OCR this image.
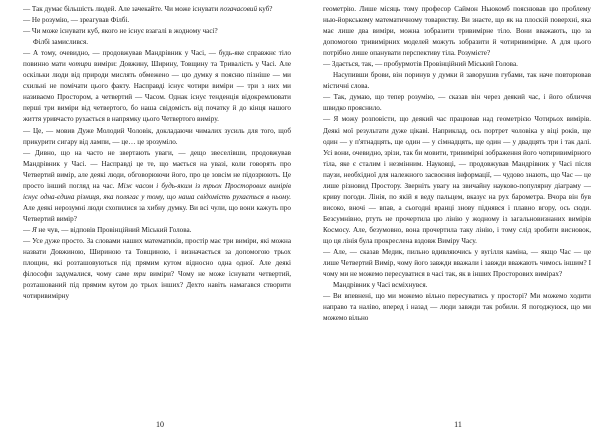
— Так думає більшість людей. Але зачекайте. Чи може існувати позачасовий куб?

— Не розумію, — зреагував Філбі.

— Чи може існувати куб, якого не існує взагалі в жодному часі?

Філбі замислився.

— А тому, очевидно, — продовжував Мандрівник у Часі, — будь-яке справжнє тіло повинно мати чотири виміри: Довжину, Ширину, Товщину та Тривалість у Часі. Але оскільки люди від природи мислять обмежено — цю думку я поясню пізніше — ми схильні не помічати цього факту. Насправді існує чотири виміри — три з них ми називаємо Простором, а четвертий — Часом. Однак існує тенденція відокремлювати перші три виміри від четвертого, бо наша свідомість від початку й до кінця нашого життя уривчасто рухається в напрямку цього Четвертого виміру.

— Це, — мовив Дуже Молодий Чоловік, докладаючи чималих зусиль для того, щоб прикурити сигару від лампи, — це… це зрозуміло.

— Дивно, що на часто не звертають уваги, — дещо звеселівши, продовжував Мандрівник у Часі. — Насправді це те, що мається на увазі, коли говорять про Четвертий вимір, але деякі люди, обговорюючи його, про це зовсім не підозрюють. Це просто інший погляд на час. Між часом і будь-яким із трьох Просторових вимірів існує одна-єдина різниця, яка полягає у тому, що наша свідомість рухається в ньому. Але деякі нерозумні люди схопилися за хибну думку. Ви всі чули, що вони кажуть про Четвертий вимір?

— Я не чув, — відповів Провінційний Міський Голова.

— Усе дуже просто. За словами наших математиків, простір має три виміри, які можна назвати Довжиною, Шириною та Товщиною, і визначається за допомогою трьох площин, які розташовуються під прямим кутом відносно одна одної. Але деякі філософи задумалися, чому саме три виміри? Чому не може існувати четвертий, розташований під прямим кутом до трьох інших? Дехто навіть намагався створити чотиривимірну

10

геометрію. Лише місяць тому професор Саймон Ньюкомб пояснював цю проблему нью-йоркському математичному товариству. Ви знаєте, що як на плоскій поверхні, яка має лише два виміри, можна зобразити тривимірне тіло. Вони вважають, що за допомогою тривимірних моделей можуть зобразити й чотиривимірне. А для цього потрібно лише опанувати перспективу тіла. Розумієте?

— Здається, так, — пробурмотів Провінційний Міський Голова.

Насупивши брови, він поринув у думки й заворушив губами, так наче повторював містичні слова.

— Так, думаю, що тепер розумію, — сказав він через деякий час, і його обличчя швидко прояснило.

— Я можу розповісти, що деякий час працював над геометрією Чотирьох вимірів. Деякі мої результати дуже цікаві. Наприклад, ось портрет чоловіка у віці років, ще один — у п'ятнадцять, ще один — у сімнадцять, ще один — у двадцять три і так далі. Усі вони, очевидно, зрізи, так би мовити, тривимірні зображення його чотиривимірного тіла, яке є сталим і незмінним. Науковці, — продовжував Мандрівник у Часі після паузи, необхідної для належного засвоєння інформації, — чудово знають, що Час — це лише різновид Простору. Зверніть увагу на звичайну науково-популярну діаграму — криву погоди. Лінія, по якій я веду пальцем, вказує на рух барометра. Вчора він був високо, вночі — впав, а сьогодні вранці знову піднявся і плавно вгору, ось сюди. Безсумнівно, ртуть не прочертила цю лінію у жодному із загальновизнаних вимірів Космосу. Але, безумовно, вона прочертила таку лінію, і тому слід зробити висновок, що ця лінія була прокреслена вздовж Виміру Часу.

— Але, — сказав Медик, пильно вдивляючись у вугілля каміна, — якщо Час — це лише Четвертий Вимір, чому його завжди вважали і завжди вважають чимось іншим? І чому ми не можемо пересуватися в часі так, як в інших Просторових вимірах?

Мандрівник у Часі всміхнувся.

— Ви впевнені, що ми можемо вільно пересуватись у просторі? Ми можемо ходити направо та наліво, вперед і назад — люди завжди так робили. Я погоджуюся, що ми можемо вільно

11
